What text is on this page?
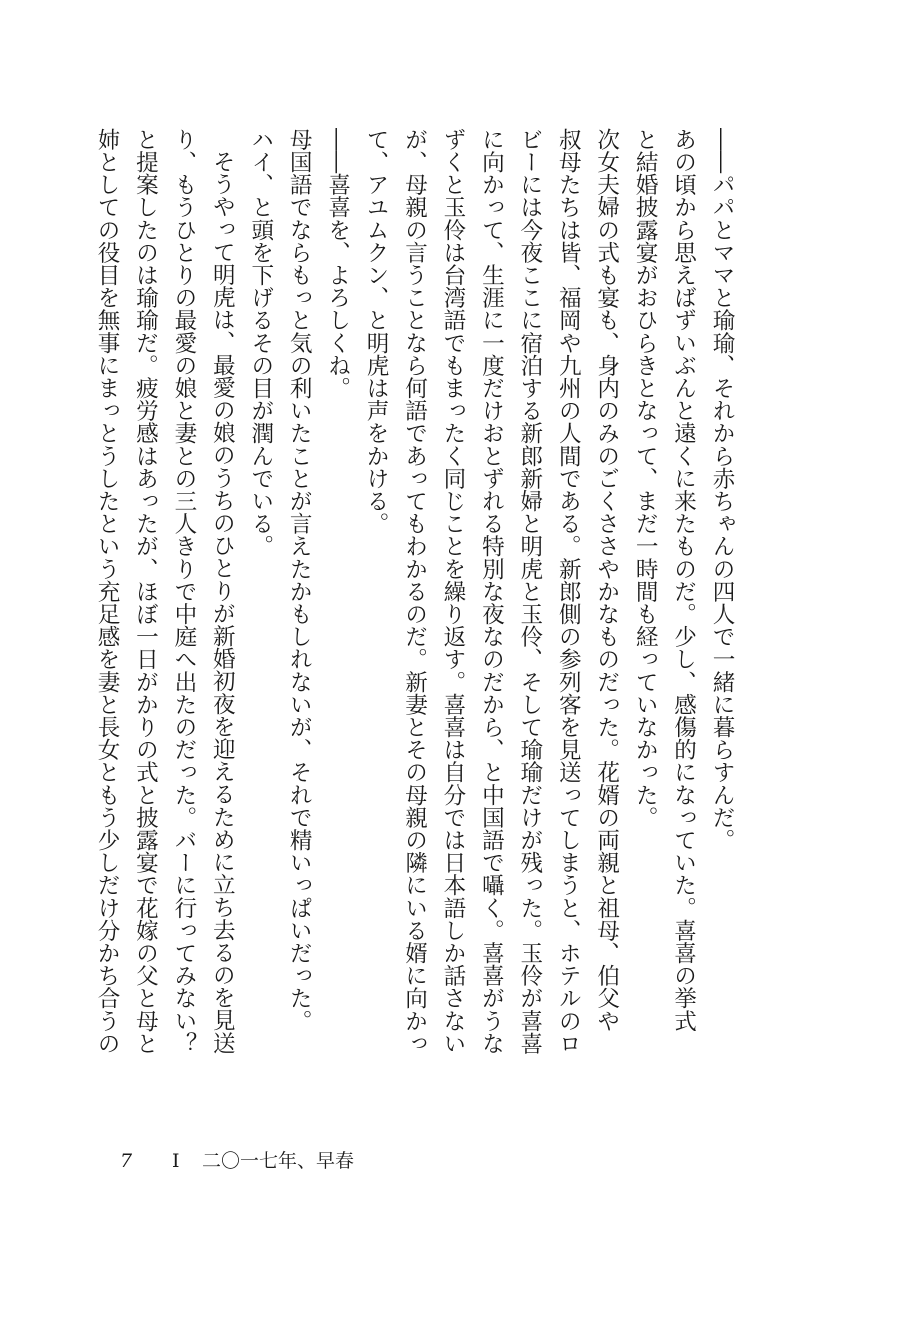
――パパとママと瑜瑜、それから赤ちゃんの四人で一緒に暮らすんだ。
あの頃から思えばずいぶんと遠くに来たものだ。少し、感傷的になっていた。喜喜の挙式
と結婚披露宴がおひらきとなって、まだ一時間も経っていなかった。
次女夫婦の式も宴も、身内のみのごくささやかなものだった。花婿の両親と祖母、伯父や
叔母たちは皆、福岡や九州の人間である。新郎側の参列客を見送ってしまうと、ホテルのロ
ビーには今夜ここに宿泊する新郎新婦と明虎と玉伶、そして瑜瑜だけが残った。玉伶が喜喜
に向かって、生涯に一度だけおとずれる特別な夜なのだから、と中国語で囁く。喜喜がうな
ずくと玉伶は台湾語でもまったく同じことを繰り返す。喜喜は自分では日本語しか話さない
が、母親の言うことなら何語であってもわかるのだ。新妻とその母親の隣にいる婿に向かっ
て、アユムクン、と明虎は声をかける。
――喜喜を、よろしくね。
母国語でならもっと気の利いたことが言えたかもしれないが、それで精いっぱいだった。
ハイ、と頭を下げるその目が潤んでいる。
そうやって明虎は、最愛の娘のうちのひとりが新婚初夜を迎えるために立ち去るのを見送
り、もうひとりの最愛の娘と妻との三人きりで中庭へ出たのだった。バーに行ってみない？
と提案したのは瑜瑜だ。疲労感はあったが、ほぼ一日がかりの式と披露宴で花嫁の父と母と
姉としての役目を無事にまっとうしたという充足感を妻と長女ともう少しだけ分かち合うの
7 I 二〇一七年、早春
